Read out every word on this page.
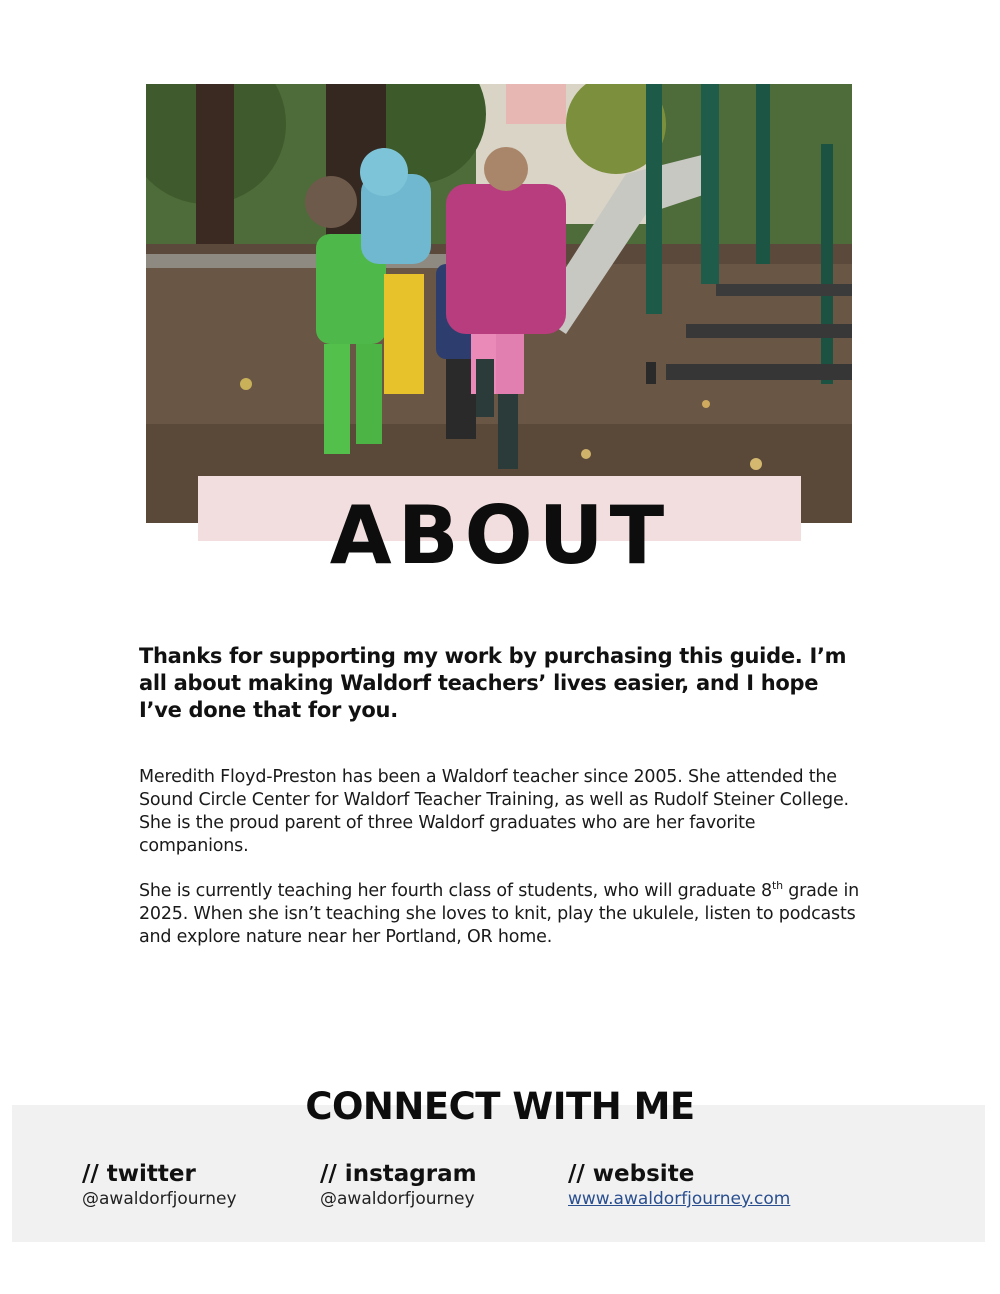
ABOUT

Thanks for supporting my work by purchasing this guide. I’m all about making Waldorf teachers’ lives easier, and I hope I’ve done that for you.

Meredith Floyd-Preston has been a Waldorf teacher since 2005. She attended the Sound Circle Center for Waldorf Teacher Training, as well as Rudolf Steiner College. She is the proud parent of three Waldorf graduates who are her favorite companions.

She is currently teaching her fourth class of students, who will graduate 8th grade in 2025. When she isn’t teaching she loves to knit, play the ukulele, listen to podcasts and explore nature near her Portland, OR home.

CONNECT WITH ME
// twitter
@awaldorfjourney
// instagram
@awaldorfjourney
// website
www.awaldorfjourney.com
